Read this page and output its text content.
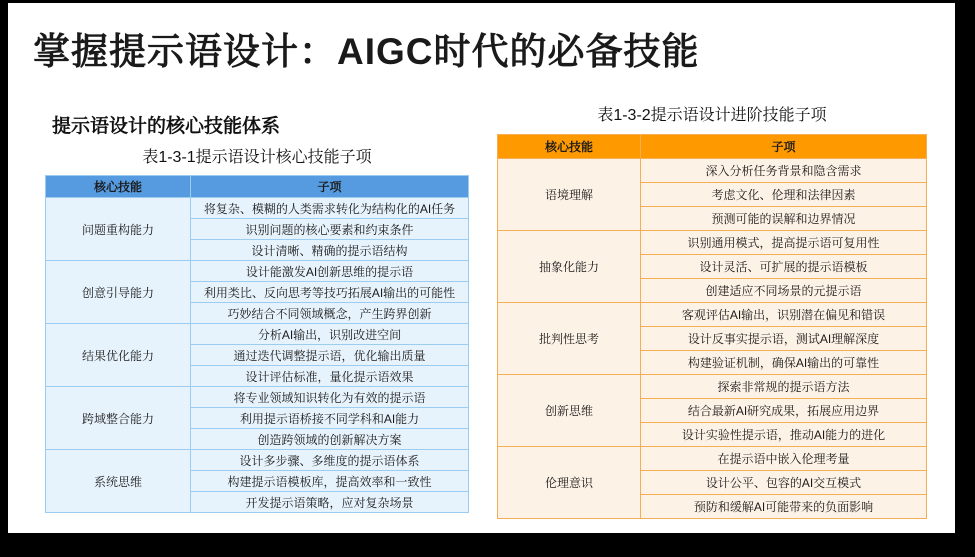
掌握提示语设计：AIGC时代的必备技能
提示语设计的核心技能体系
表1-3-1提示语设计核心技能子项
核心技能	子项
问题重构能力	将复杂、模糊的人类需求转化为结构化的AI任务
	识别问题的核心要素和约束条件
	设计清晰、精确的提示语结构
创意引导能力	设计能激发AI创新思维的提示语
	利用类比、反向思考等技巧拓展AI输出的可能性
	巧妙结合不同领域概念，产生跨界创新
结果优化能力	分析AI输出，识别改进空间
	通过迭代调整提示语，优化输出质量
	设计评估标准，量化提示语效果
跨域整合能力	将专业领域知识转化为有效的提示语
	利用提示语桥接不同学科和AI能力
	创造跨领域的创新解决方案
系统思维	设计多步骤、多维度的提示语体系
	构建提示语模板库，提高效率和一致性
	开发提示语策略，应对复杂场景
表1-3-2提示语设计进阶技能子项
核心技能	子项
语境理解	深入分析任务背景和隐含需求
	考虑文化、伦理和法律因素
	预测可能的误解和边界情况
抽象化能力	识别通用模式，提高提示语可复用性
	设计灵活、可扩展的提示语模板
	创建适应不同场景的元提示语
批判性思考	客观评估AI输出，识别潜在偏见和错误
	设计反事实提示语，测试AI理解深度
	构建验证机制，确保AI输出的可靠性
创新思维	探索非常规的提示语方法
	结合最新AI研究成果，拓展应用边界
	设计实验性提示语，推动AI能力的进化
伦理意识	在提示语中嵌入伦理考量
	设计公平、包容的AI交互模式
	预防和缓解AI可能带来的负面影响
